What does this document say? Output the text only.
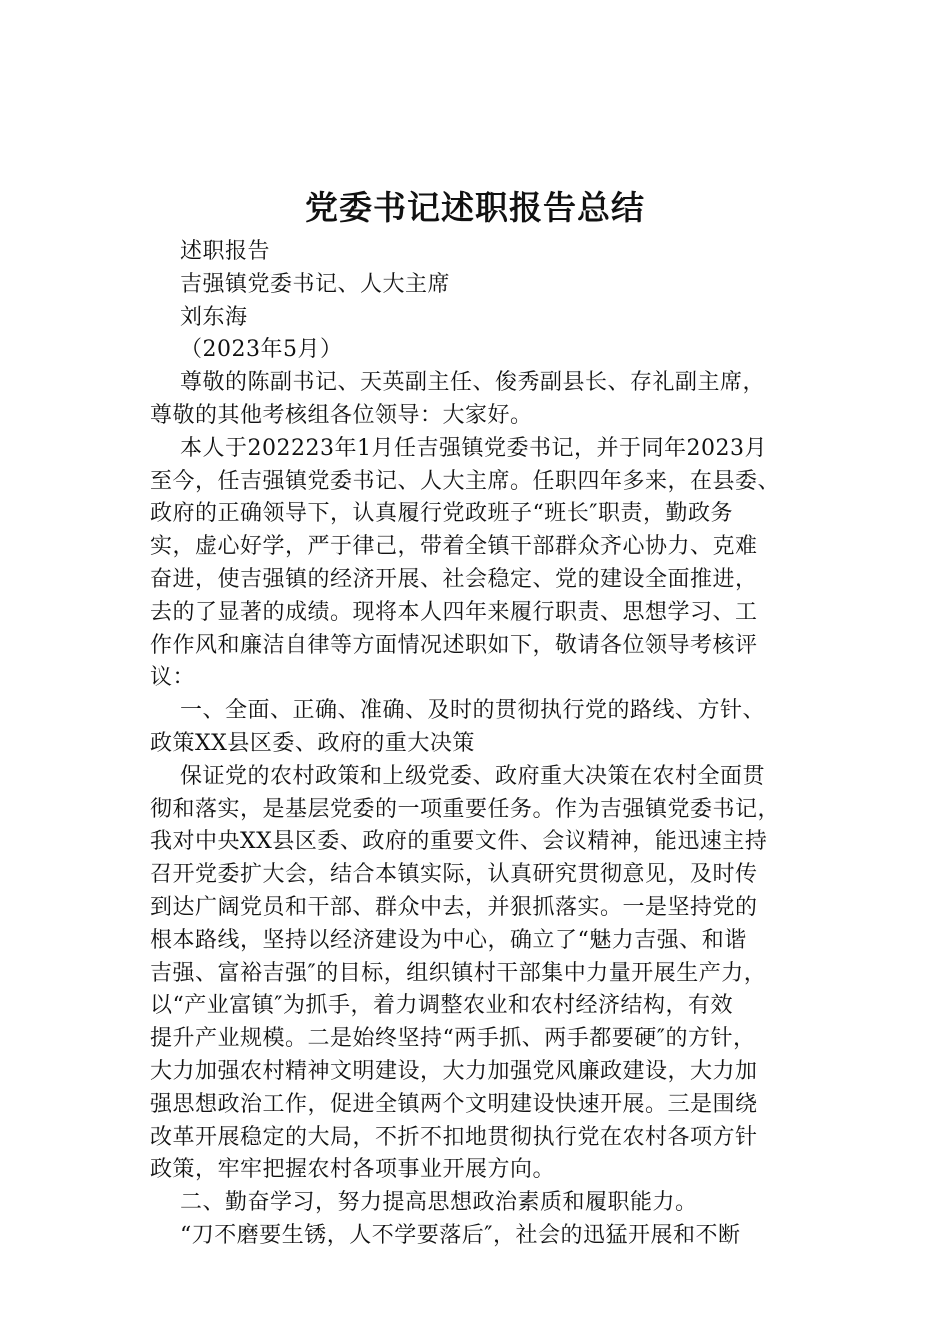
党委书记述职报告总结
述职报告
吉强镇党委书记、人大主席
刘东海
（2023年5月）
尊敬的陈副书记、天英副主任、俊秀副县长、存礼副主席，
尊敬的其他考核组各位领导：大家好。
本人于202223年1月任吉强镇党委书记，并于同年2023月
至今，任吉强镇党委书记、人大主席。任职四年多来，在县委、
政府的正确领导下，认真履行党政班子“班长″职责，勤政务
实，虚心好学，严于律己，带着全镇干部群众齐心协力、克难
奋进，使吉强镇的经济开展、社会稳定、党的建设全面推进，
去的了显著的成绩。现将本人四年来履行职责、思想学习、工
作作风和廉洁自律等方面情况述职如下，敬请各位领导考核评
议：
一、全面、正确、准确、及时的贯彻执行党的路线、方针、
政策XX县区委、政府的重大决策
保证党的农村政策和上级党委、政府重大决策在农村全面贯
彻和落实，是基层党委的一项重要任务。作为吉强镇党委书记，
我对中央XX县区委、政府的重要文件、会议精神，能迅速主持
召开党委扩大会，结合本镇实际，认真研究贯彻意见，及时传
到达广阔党员和干部、群众中去，并狠抓落实。一是坚持党的
根本路线，坚持以经济建设为中心，确立了“魅力吉强、和谐
吉强、富裕吉强″的目标，组织镇村干部集中力量开展生产力，
以“产业富镇″为抓手，着力调整农业和农村经济结构，有效
提升产业规模。二是始终坚持“两手抓、两手都要硬″的方针，
大力加强农村精神文明建设，大力加强党风廉政建设，大力加
强思想政治工作，促进全镇两个文明建设快速开展。三是围绕
改革开展稳定的大局，不折不扣地贯彻执行党在农村各项方针
政策，牢牢把握农村各项事业开展方向。
二、勤奋学习，努力提高思想政治素质和履职能力。
“刀不磨要生锈，人不学要落后″，社会的迅猛开展和不断
